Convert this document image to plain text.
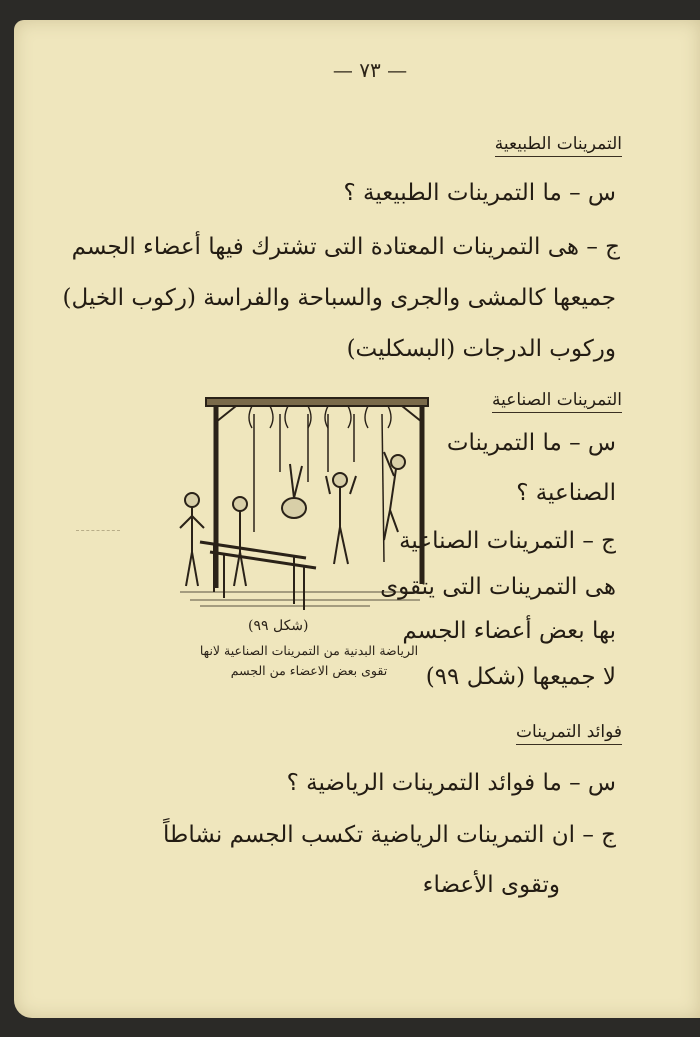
— ٧٣ —
التمرينات الطبيعية
س – ما التمرينات الطبيعية ؟
ج – هى التمرينات المعتادة التى تشترك فيها أعضاء الجسم
جميعها كالمشى والجرى والسباحة والفراسة (ركوب الخيل)
وركوب الدرجات (البسكليت)
التمرينات الصناعية
س – ما التمرينات
الصناعية ؟
ج – التمرينات الصناعية
هى التمرينات التى يتقوى
بها بعض أعضاء الجسم
لا جميعها (شكل ٩٩)
(شكل ٩٩)
الرياضة البدنية من التمرينات الصناعية لانها
تقوى بعض الاعضاء من الجسم
فوائد التمرينات
س – ما فوائد التمرينات الرياضية ؟
ج – ان التمرينات الرياضية تكسب الجسم نشاطاً
وتقوى الأعضاء
